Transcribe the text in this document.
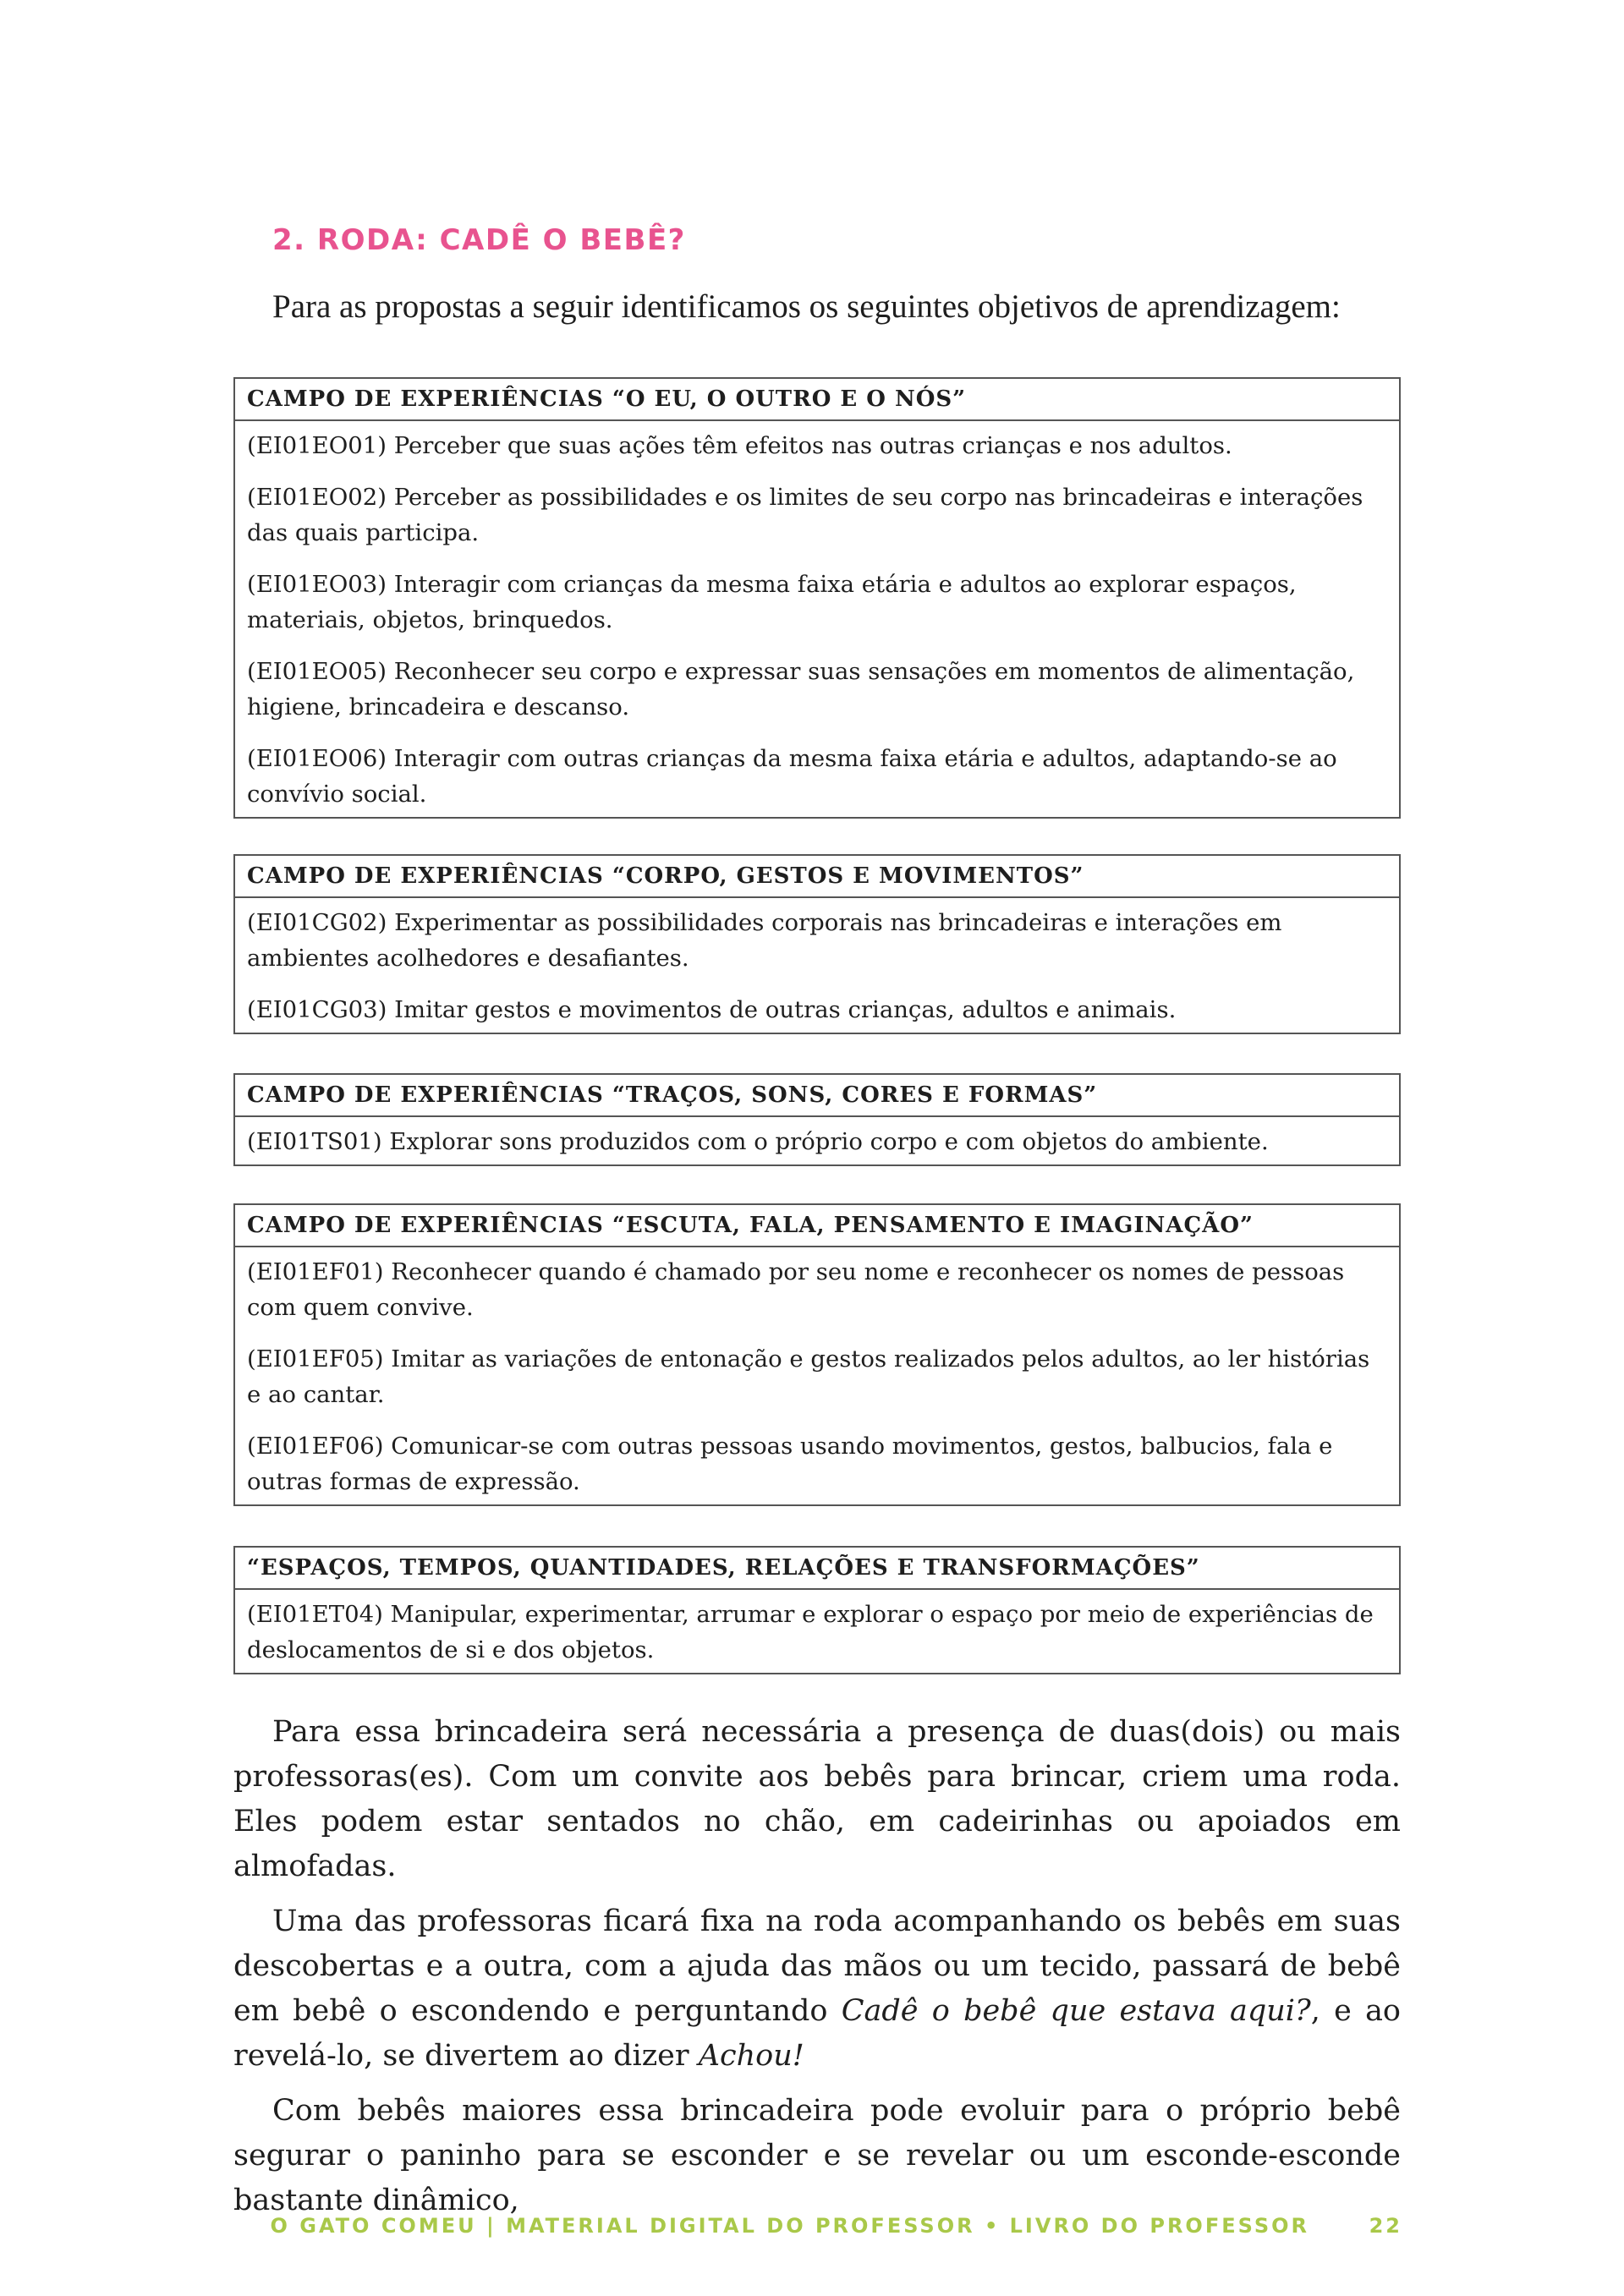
2. RODA: CADÊ O BEBÊ?

Para as propostas a seguir identificamos os seguintes objetivos de aprendizagem:

CAMPO DE EXPERIÊNCIAS “O EU, O OUTRO E O NÓS”

(EI01EO01) Perceber que suas ações têm efeitos nas outras crianças e nos adultos.

(EI01EO02) Perceber as possibilidades e os limites de seu corpo nas brincadeiras e interações das quais participa.

(EI01EO03) Interagir com crianças da mesma faixa etária e adultos ao explorar espaços, materiais, objetos, brinquedos.

(EI01EO05) Reconhecer seu corpo e expressar suas sensações em momentos de alimentação, higiene, brincadeira e descanso.

(EI01EO06) Interagir com outras crianças da mesma faixa etária e adultos, adaptando-se ao convívio social.

CAMPO DE EXPERIÊNCIAS “CORPO, GESTOS E MOVIMENTOS”

(EI01CG02) Experimentar as possibilidades corporais nas brincadeiras e interações em ambientes acolhedores e desafiantes.

(EI01CG03) Imitar gestos e movimentos de outras crianças, adultos e animais.

CAMPO DE EXPERIÊNCIAS “TRAÇOS, SONS, CORES E FORMAS”

(EI01TS01) Explorar sons produzidos com o próprio corpo e com objetos do ambiente.

CAMPO DE EXPERIÊNCIAS “ESCUTA, FALA, PENSAMENTO E IMAGINAÇÃO”

(EI01EF01) Reconhecer quando é chamado por seu nome e reconhecer os nomes de pessoas com quem convive.

(EI01EF05) Imitar as variações de entonação e gestos realizados pelos adultos, ao ler histórias e ao cantar.

(EI01EF06) Comunicar-se com outras pessoas usando movimentos, gestos, balbucios, fala e outras formas de expressão.

“ESPAÇOS, TEMPOS, QUANTIDADES, RELAÇÕES E TRANSFORMAÇÕES”

(EI01ET04) Manipular, experimentar, arrumar e explorar o espaço por meio de experiências de deslocamentos de si e dos objetos.

Para essa brincadeira será necessária a presença de duas(dois) ou mais professoras(es). Com um convite aos bebês para brincar, criem uma roda. Eles podem estar sentados no chão, em cadeirinhas ou apoiados em almofadas.

Uma das professoras ficará fixa na roda acompanhando os bebês em suas descobertas e a outra, com a ajuda das mãos ou um tecido, passará de bebê em bebê o escondendo e perguntando Cadê o bebê que estava aqui?, e ao revelá-lo, se divertem ao dizer Achou!

Com bebês maiores essa brincadeira pode evoluir para o próprio bebê segurar o paninho para se esconder e se revelar ou um esconde-esconde bastante dinâmico,

O GATO COMEU | MATERIAL DIGITAL DO PROFESSOR • LIVRO DO PROFESSOR	22
